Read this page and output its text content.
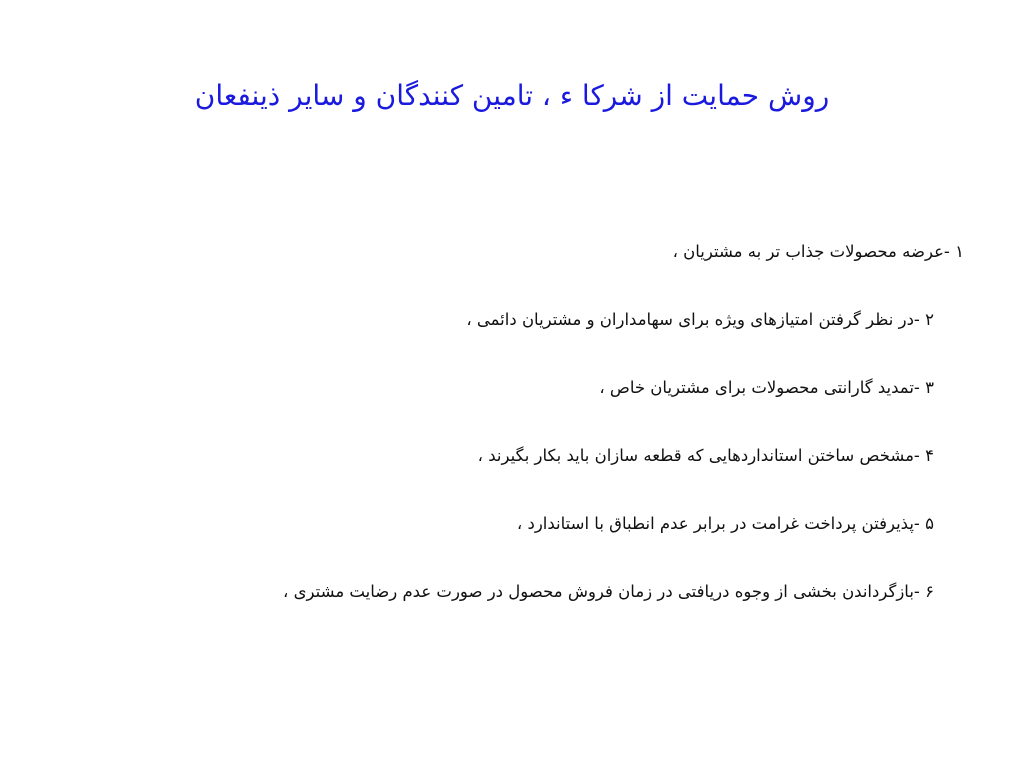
روش حمایت از شرکا ء ، تامین کنندگان و سایر ذینفعان
۱ -عرضه محصولات جذاب تر به مشتریان ،
۲ -در نظر گرفتن امتیازهای ویژه برای سهامداران و مشتریان دائمی ،
۳ -تمدید گارانتی محصولات برای مشتریان خاص ،
۴ -مشخص ساختن استانداردهایی که قطعه سازان باید بکار بگیرند ،
۵ -پذیرفتن پرداخت غرامت در برابر عدم انطباق با استاندارد ،
۶ -بازگرداندن بخشی از وجوه دریافتی در زمان فروش محصول در صورت عدم رضایت مشتری ،
